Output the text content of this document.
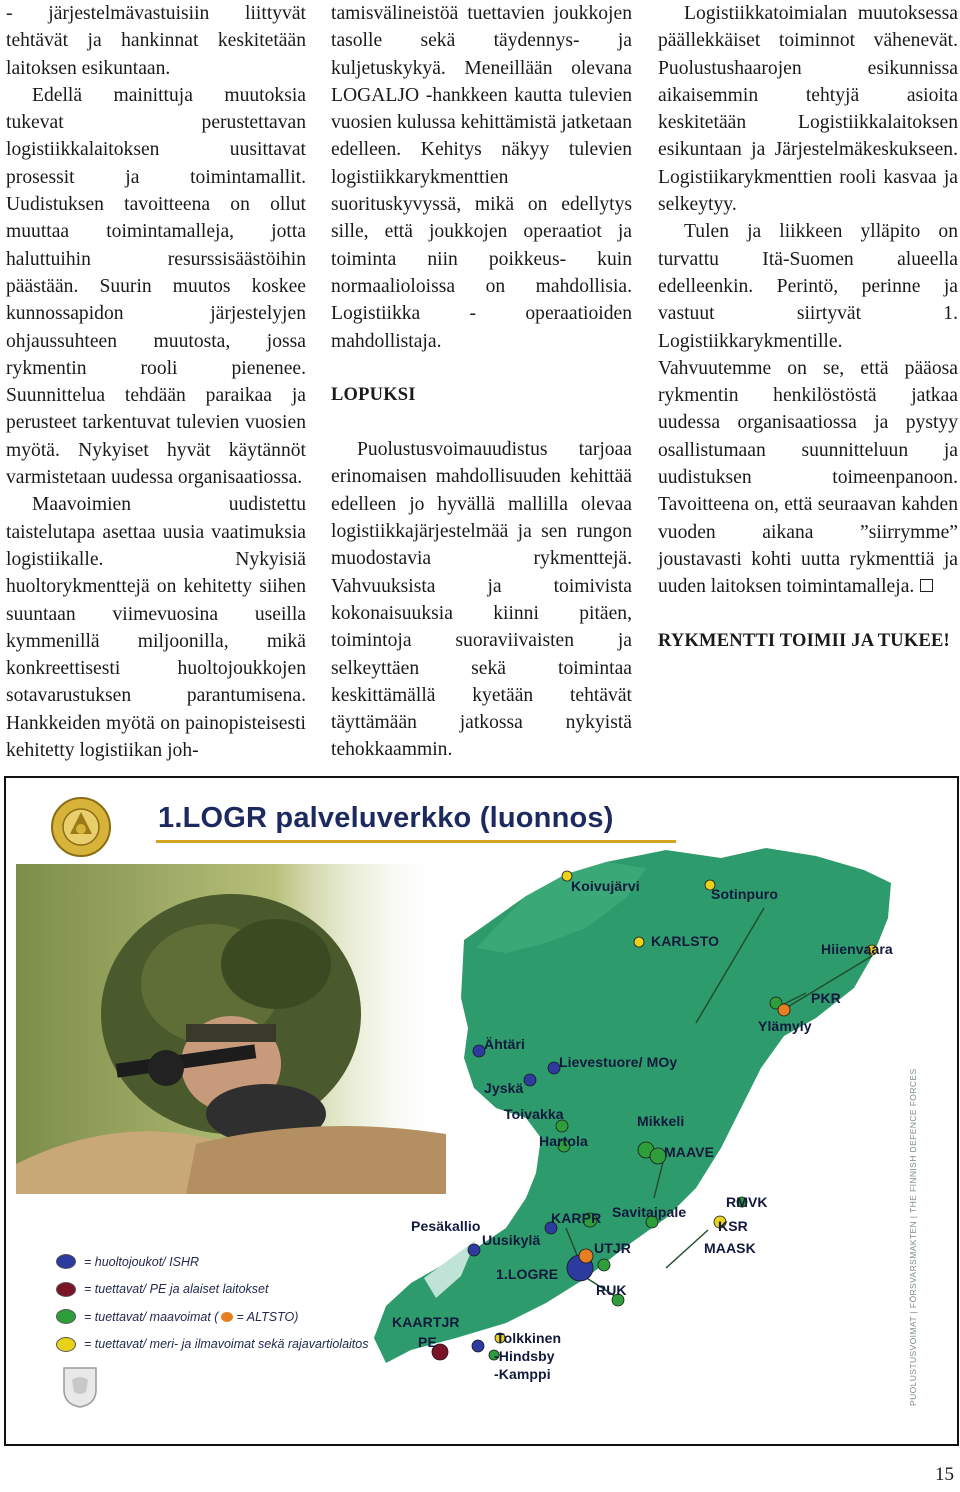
- järjestelmävastuisiin liittyvät tehtävät ja hankinnat keskitetään laitoksen esikuntaan.

Edellä mainittuja muutoksia tukevat perustettavan logistiikkalaitoksen uusittavat prosessit ja toimintamallit. Uudistuksen tavoitteena on ollut muuttaa toimintamalleja, jotta haluttuihin resurssisäästöihin päästään. Suurin muutos koskee kunnossapidon järjestelyjen ohjaussuhteen muutosta, jossa rykmentin rooli pienenee. Suunnittelua tehdään paraikaa ja perusteet tarkentuvat tulevien vuosien myötä. Nykyiset hyvät käytännöt varmistetaan uudessa organisaatiossa.

Maavoimien uudistettu taistelutapa asettaa uusia vaatimuksia logistiikalle. Nykyisiä huoltorykmenttejä on kehitetty siihen suuntaan viimevuosina useilla kymmenillä miljoonilla, mikä konkreettisesti huoltojoukkojen sotavarustuksen parantumisena. Hankkeiden myötä on painopisteisesti kehitetty logistiikan joh-

tamisvälineistöä tuettavien joukkojen tasolle sekä täydennys- ja kuljetuskykyä. Meneillään olevana LOGALJO -hankkeen kautta tulevien vuosien kulussa kehittämistä jatketaan edelleen. Kehitys näkyy tulevien logistiikkarykmenttien suorituskyvyssä, mikä on edellytys sille, että joukkojen operaatiot ja toiminta niin poikkeus- kuin normaalioloissa on mahdollisia. Logistiikka - operaatioiden mahdollistaja.

LOPUKSI

Puolustusvoimauudistus tarjoaa erinomaisen mahdollisuuden kehittää edelleen jo hyvällä mallilla olevaa logistiikkajärjestelmää ja sen rungon muodostavia rykmenttejä. Vahvuuksista ja toimivista kokonaisuuksia kiinni pitäen, toimintoja suoraviivaisten ja selkeyttäen sekä toimintaa keskittämällä kyetään tehtävät täyttämään jatkossa nykyistä tehokkaammin.

Logistiikkatoimialan muutoksessa päällekkäiset toiminnot vähenevät. Puolustushaarojen esikunnissa aikaisemmin tehtyjä asioita keskitetään Logistiikkalaitoksen esikuntaan ja Järjestelmäkeskukseen. Logistiikarykmenttien rooli kasvaa ja selkeytyy.

Tulen ja liikkeen ylläpito on turvattu Itä-Suomen alueella edelleenkin. Perintö, perinne ja vastuut siirtyvät 1. Logistiikkarykmentille. Vahvuutemme on se, että pääosa rykmentin henkilöstöstä jatkaa uudessa organisaatiossa ja pystyy osallistumaan suunnitteluun ja uudistuksen toimeenpanoon. Tavoitteena on, että seuraavan kahden vuoden aikana ”siirrymme” joustavasti kohti uutta rykmenttiä ja uuden laitoksen toimintamalleja.

RYKMENTTI TOIMII JA TUKEE!

1.LOGR palveluverkko (luonnos)
Koivujärvi	Sotinpuro
KARLSTO	Hiienvaara
PKR
Ylämyly
Ähtäri
Lievestuore/ MOy
Jyskä
Toivakka
Hartola
Mikkeli
MAAVE
Pesäkallio
Uusikylä
KARPR Savitaipale
RMVK
KSR
MAASK
UTJR
1.LOGRE
RUK
KAARTJR
PE	Tolkkinen
-Hindsby
-Kamppi
= huoltojoukot/ ISHR
= tuettavat/ PE ja alaiset laitokset
= tuettavat/ maavoimat ( = ALTSTO)
= tuettavat/ meri- ja ilmavoimat sekä rajavartiolaitos	PUOLUSTUSVOIMAT | FÖRSVARSMAKTEN | THE FINNISH DEFENCE FORCES
15
